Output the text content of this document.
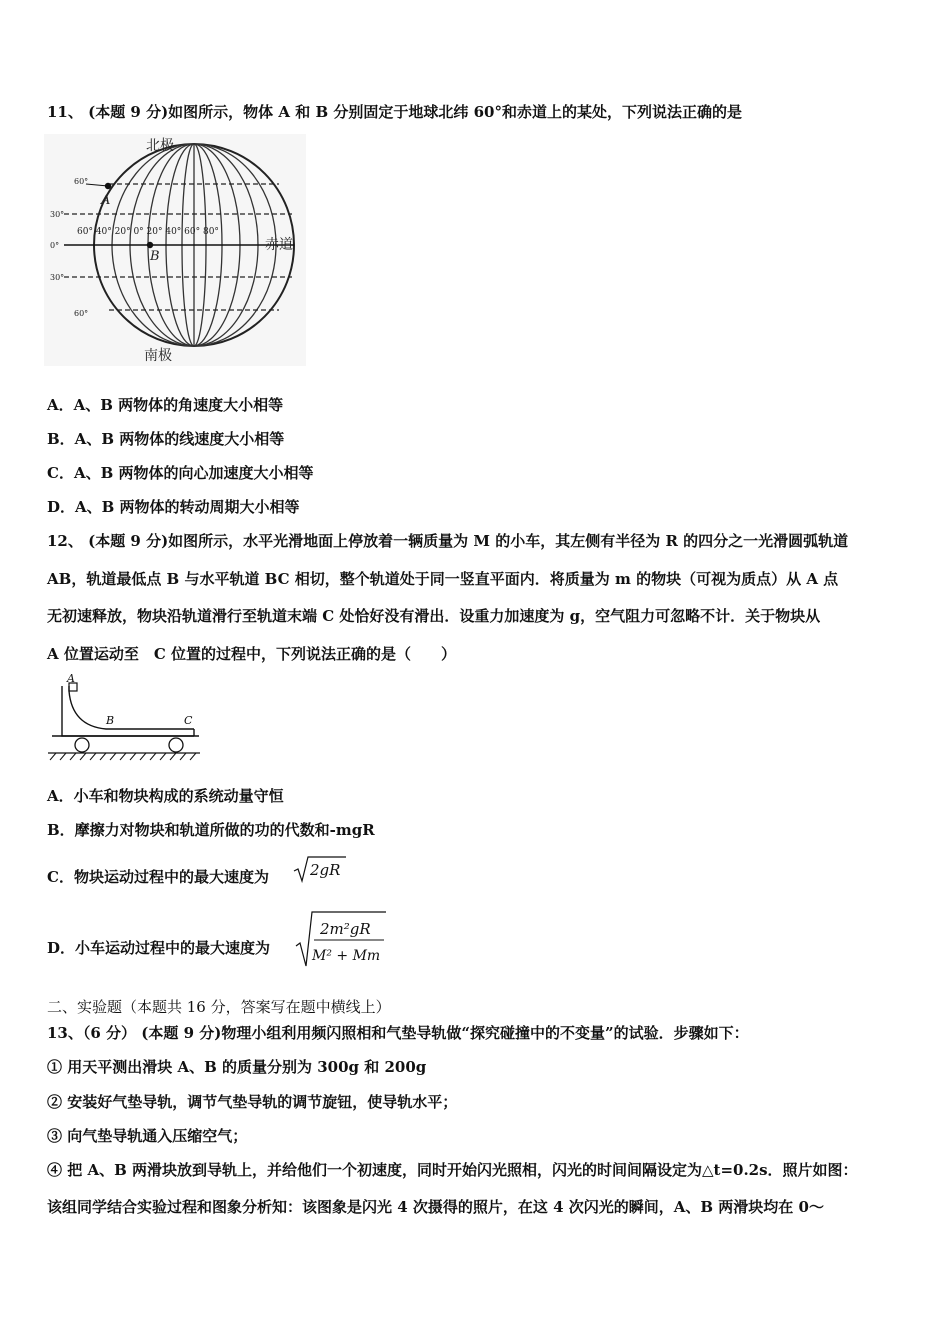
11、 (本题 9 分)如图所示，物体 A 和 B 分别固定于地球北纬 60°和赤道上的某处，下列说法正确的是
北极
南极
赤道
A
B
60° 40° 20° 0° 20° 40° 60° 80°
60°
30°
0°
30°
60°
A．A、B 两物体的角速度大小相等
B．A、B 两物体的线速度大小相等
C．A、B 两物体的向心加速度大小相等
D．A、B 两物体的转动周期大小相等
12、 (本题 9 分)如图所示，水平光滑地面上停放着一辆质量为 M 的小车，其左侧有半径为 R 的四分之一光滑圆弧轨道
AB，轨道最低点 B 与水平轨道 BC 相切，整个轨道处于同一竖直平面内．将质量为 m 的物块（可视为质点）从 A 点
无初速释放，物块沿轨道滑行至轨道末端 C 处恰好没有滑出．设重力加速度为 g，空气阻力可忽略不计．关于物块从
A 位置运动至　C 位置的过程中，下列说法正确的是（　　）
A
B	C
A．小车和物块构成的系统动量守恒
B．摩擦力对物块和轨道所做的功的代数和-mgR
C．物块运动过程中的最大速度为	2gR
D．小车运动过程中的最大速度为
2m²gR
M² + Mm
二、实验题（本题共 16 分，答案写在题中横线上）
13、（6 分） (本题 9 分)物理小组利用频闪照相和气垫导轨做“探究碰撞中的不变量”的试验．步骤如下：
① 用天平测出滑块 A、B 的质量分别为 300g 和 200g
② 安装好气垫导轨，调节气垫导轨的调节旋钮，使导轨水平；
③ 向气垫导轨通入压缩空气；
④ 把 A、B 两滑块放到导轨上，并给他们一个初速度，同时开始闪光照相，闪光的时间间隔设定为△t=0.2s．照片如图：
该组同学结合实验过程和图象分析知：该图象是闪光 4 次摄得的照片，在这 4 次闪光的瞬间，A、B 两滑块均在 0～
